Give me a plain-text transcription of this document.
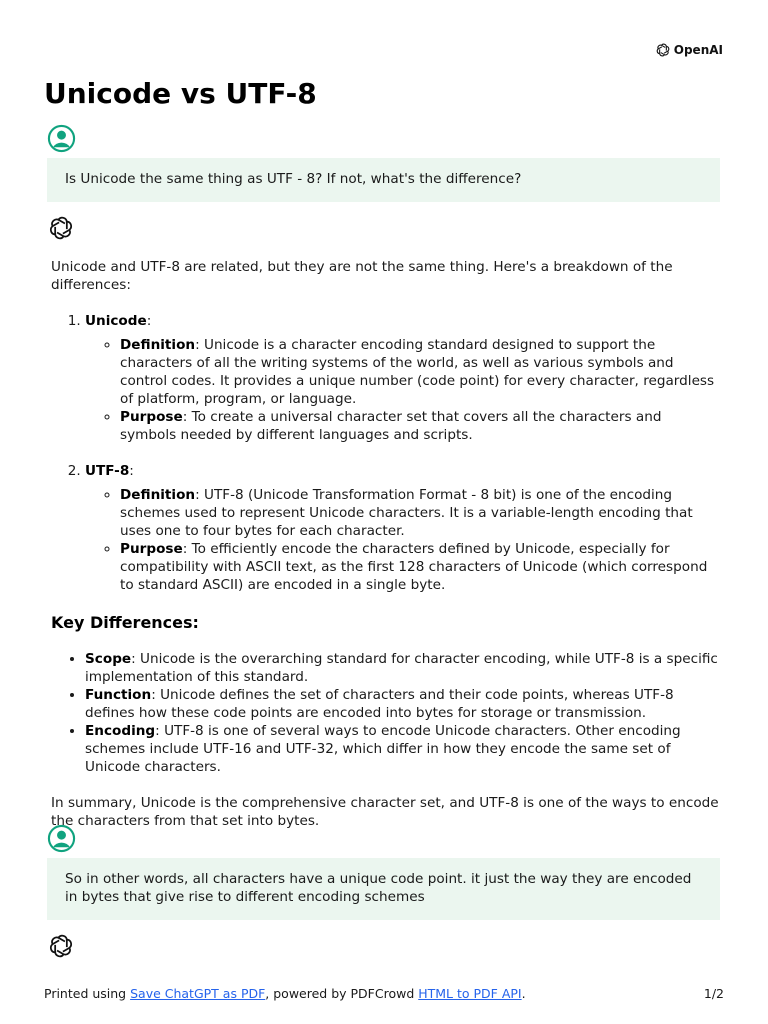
OpenAI
Unicode vs UTF-8
Is Unicode the same thing as UTF - 8? If not, what's the difference?

Unicode and UTF-8 are related, but they are not the same thing. Here's a breakdown of the differences:

1. Unicode:
◦ Definition: Unicode is a character encoding standard designed to support the characters of all the writing systems of the world, as well as various symbols and control codes. It provides a unique number (code point) for every character, regardless of platform, program, or language.
◦ Purpose: To create a universal character set that covers all the characters and symbols needed by different languages and scripts.
2. UTF-8:
◦ Definition: UTF-8 (Unicode Transformation Format - 8 bit) is one of the encoding schemes used to represent Unicode characters. It is a variable-length encoding that uses one to four bytes for each character.
◦ Purpose: To efficiently encode the characters defined by Unicode, especially for compatibility with ASCII text, as the first 128 characters of Unicode (which correspond to standard ASCII) are encoded in a single byte.
Key Differences:
• Scope: Unicode is the overarching standard for character encoding, while UTF-8 is a specific implementation of this standard.
• Function: Unicode defines the set of characters and their code points, whereas UTF-8 defines how these code points are encoded into bytes for storage or transmission.
• Encoding: UTF-8 is one of several ways to encode Unicode characters. Other encoding schemes include UTF-16 and UTF-32, which differ in how they encode the same set of Unicode characters.

In summary, Unicode is the comprehensive character set, and UTF-8 is one of the ways to encode the characters from that set into bytes.

So in other words, all characters have a unique code point. it just the way they are encoded in bytes that give rise to different encoding schemes
Printed using Save ChatGPT as PDF, powered by PDFCrowd HTML to PDF API.	1/2
